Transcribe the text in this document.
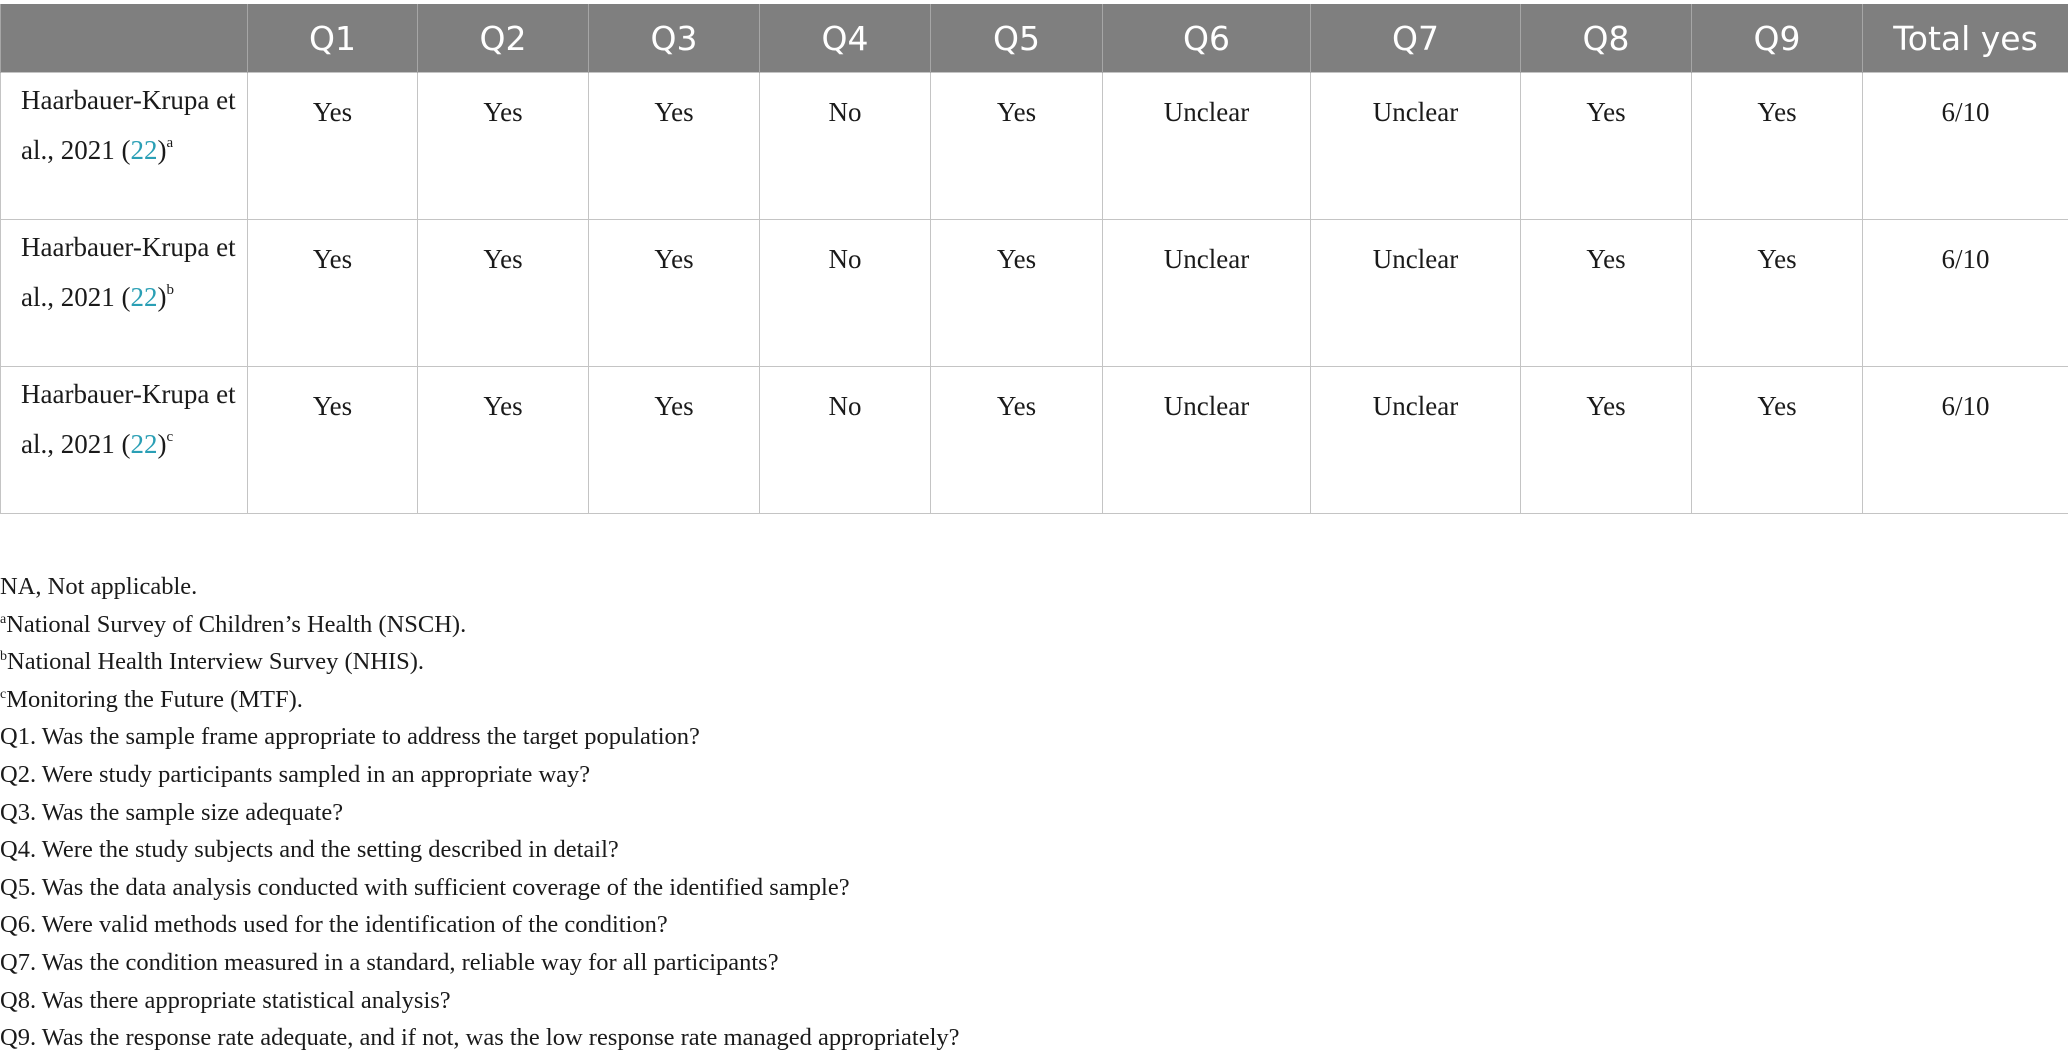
	Q1	Q2	Q3	Q4	Q5	Q6	Q7	Q8	Q9	Total yes
Haarbauer-Krupa et al., 2021 $(22)^a$	Yes	Yes	Yes	No	Yes	Unclear	Unclear	Yes	Yes	6/10
Haarbauer-Krupa et al., 2021 $(22)^b$	Yes	Yes	Yes	No	Yes	Unclear	Unclear	Yes	Yes	6/10
Haarbauer-Krupa et al., 2021 $(22)^c$	Yes	Yes	Yes	No	Yes	Unclear	Unclear	Yes	Yes	6/10
NA, Not applicable.
$^a$National Survey of Children’s Health (NSCH).
$^b$National Health Interview Survey (NHIS).
$^c$Monitoring the Future (MTF).
Q1. Was the sample frame appropriate to address the target population?
Q2. Were study participants sampled in an appropriate way?
Q3. Was the sample size adequate?
Q4. Were the study subjects and the setting described in detail?
Q5. Was the data analysis conducted with sufficient coverage of the identified sample?
Q6. Were valid methods used for the identification of the condition?
Q7. Was the condition measured in a standard, reliable way for all participants?
Q8. Was there appropriate statistical analysis?
Q9. Was the response rate adequate, and if not, was the low response rate managed appropriately?
